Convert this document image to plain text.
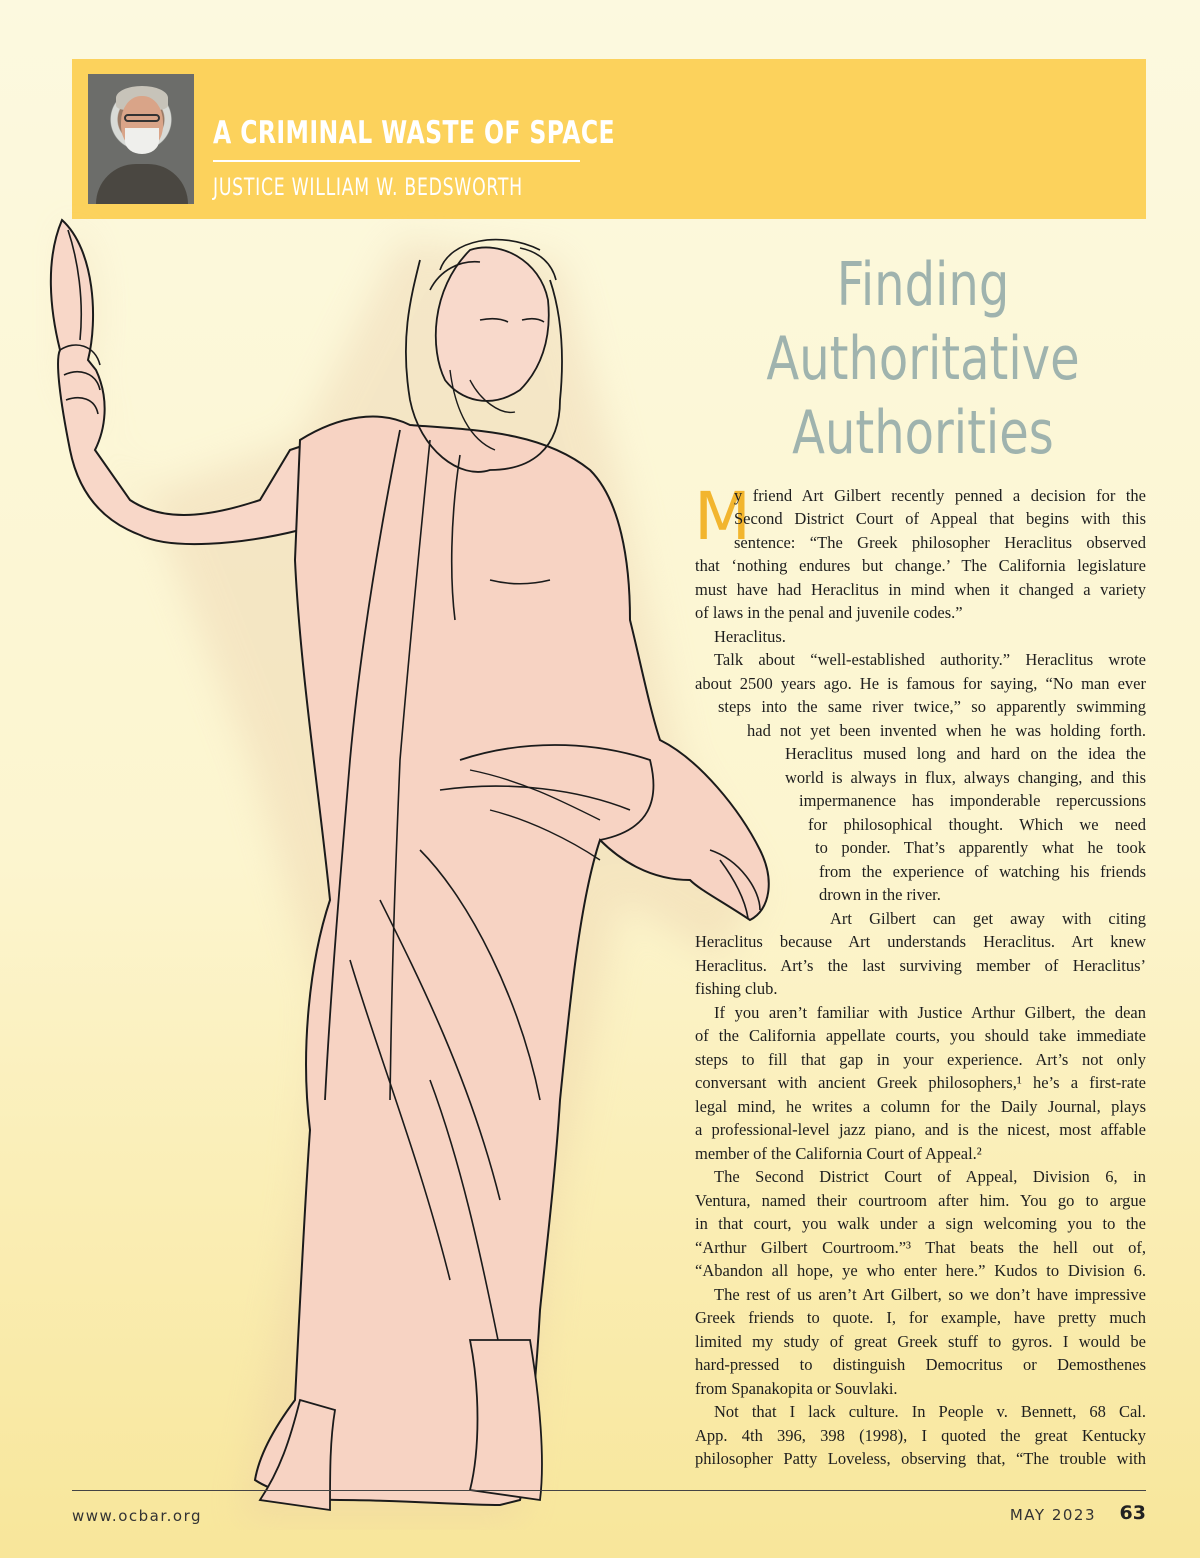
A CRIMINAL WASTE OF SPACE
JUSTICE WILLIAM W. BEDSWORTH
Finding
Authoritative
Authorities
M
y friend Art Gilbert recently penned a decision for the
Second District Court of Appeal that begins with this
sentence: “The Greek philosopher Heraclitus observed
that ‘nothing endures but change.’ The California legislature
must have had Heraclitus in mind when it changed a variety
of laws in the penal and juvenile codes.”
Heraclitus.
Talk about “well-established authority.” Heraclitus wrote
about 2500 years ago. He is famous for saying, “No man ever
steps into the same river twice,” so apparently swimming
had not yet been invented when he was holding forth.
Heraclitus mused long and hard on the idea the
world is always in flux, always changing, and this
impermanence has imponderable repercussions
for philosophical thought. Which we need
to ponder. That’s apparently what he took
from the experience of watching his friends
drown in the river.
Art Gilbert can get away with citing
Heraclitus because Art understands Heraclitus. Art knew
Heraclitus. Art’s the last surviving member of Heraclitus’
fishing club.
If you aren’t familiar with Justice Arthur Gilbert, the dean
of the California appellate courts, you should take immediate
steps to fill that gap in your experience. Art’s not only
conversant with ancient Greek philosophers,¹ he’s a first-rate
legal mind, he writes a column for the Daily Journal, plays
a professional-level jazz piano, and is the nicest, most affable
member of the California Court of Appeal.²
The Second District Court of Appeal, Division 6, in
Ventura, named their courtroom after him. You go to argue
in that court, you walk under a sign welcoming you to the
“Arthur Gilbert Courtroom.”³ That beats the hell out of,
“Abandon all hope, ye who enter here.” Kudos to Division 6.
The rest of us aren’t Art Gilbert, so we don’t have impressive
Greek friends to quote. I, for example, have pretty much
limited my study of great Greek stuff to gyros. I would be
hard-pressed to distinguish Democritus or Demosthenes
from Spanakopita or Souvlaki.
Not that I lack culture. In People v. Bennett, 68 Cal.
App. 4th 396, 398 (1998), I quoted the great Kentucky
philosopher Patty Loveless, observing that, “The trouble with
www.ocbar.org	MAY 2023 63
